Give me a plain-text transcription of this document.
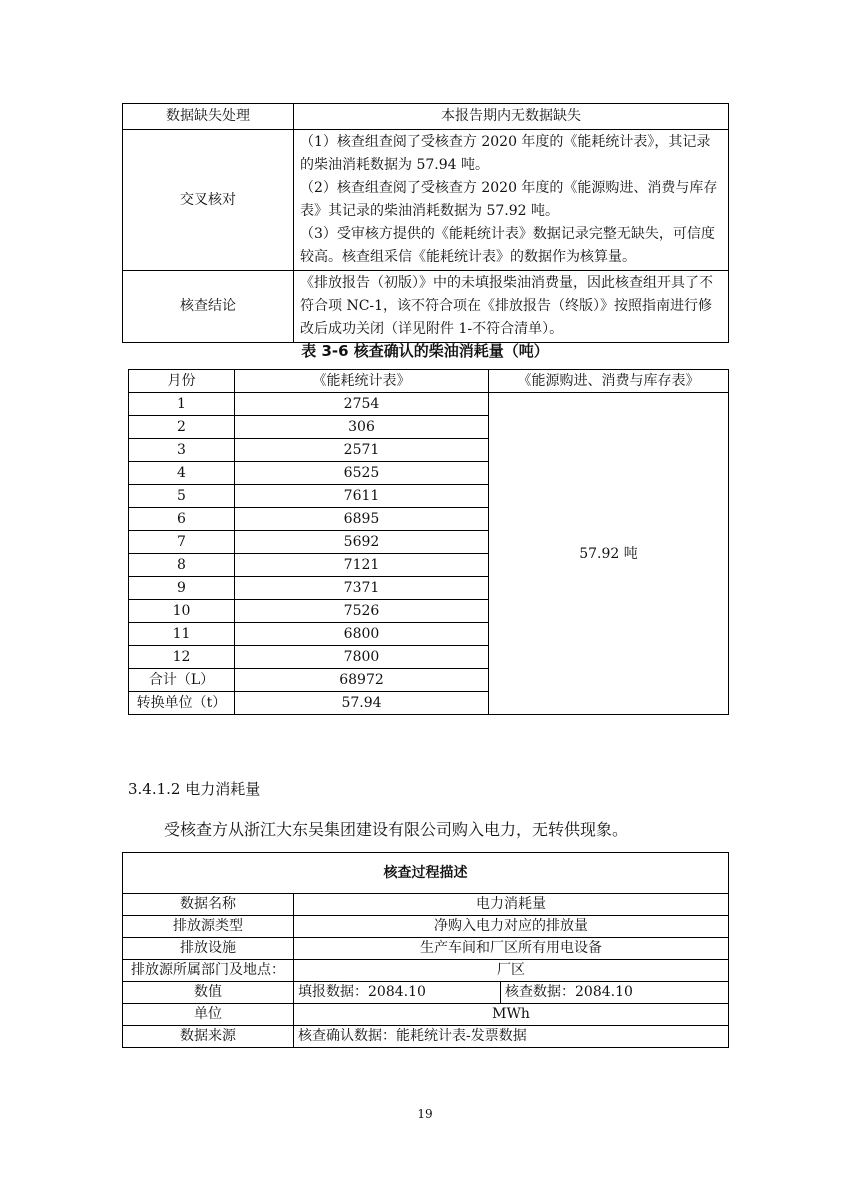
数据缺失处理	本报告期内无数据缺失
交叉核对	（1）核查组查阅了受核查方 2020 年度的《能耗统计表》，其记录的柴油消耗数据为 57.94 吨。
（2）核查组查阅了受核查方 2020 年度的《能源购进、消费与库存表》其记录的柴油消耗数据为 57.92 吨。
（3）受审核方提供的《能耗统计表》数据记录完整无缺失，可信度较高。核查组采信《能耗统计表》的数据作为核算量。

核查结论	《排放报告（初版）》中的未填报柴油消费量，因此核查组开具了不符合项 NC-1，该不符合项在《排放报告（终版）》按照指南进行修改后成功关闭（详见附件 1-不符合清单）。
表 3-6 核查确认的柴油消耗量（吨）
月份	《能耗统计表》	《能源购进、消费与库存表》
1	2754	57.92 吨
2	306	
3	2571	
4	6525	
5	7611	
6	6895	
7	5692	
8	7121	
9	7371	
10	7526	
11	6800	
12	7800	
合计（L）	68972	
转换单位（t）	57.94	
3.4.1.2 电力消耗量
受核查方从浙江大东吴集团建设有限公司购入电力，无转供现象。
核查过程描述		
数据名称	电力消耗量	
排放源类型	净购入电力对应的排放量	
排放设施	生产车间和厂区所有用电设备	
排放源所属部门及地点：	厂区	
数值	填报数据：2084.10	核查数据：2084.10
单位	MWh	
数据来源	核查确认数据：能耗统计表-发票数据	
19
